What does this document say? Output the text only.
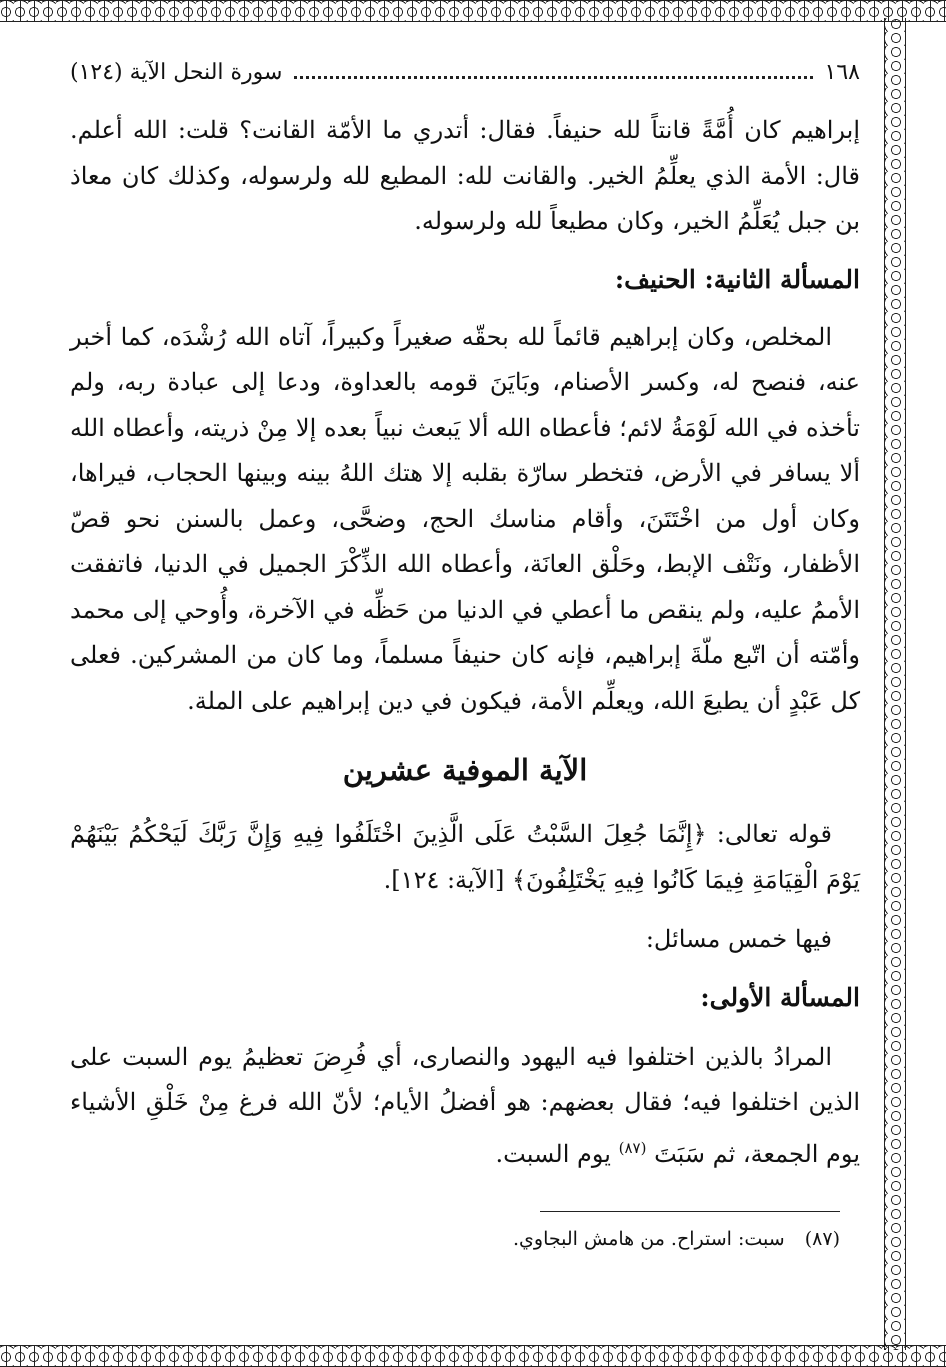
١٦٨
سورة النحل الآية (١٢٤)

إبراهيم كان أُمَّةً قانتاً لله حنيفاً. فقال: أتدري ما الأمّة القانت؟ قلت: الله أعلم. قال: الأمة الذي يعلِّمُ الخير. والقانت لله: المطيع لله ولرسوله، وكذلك كان معاذ بن جبل يُعَلِّمُ الخير، وكان مطيعاً لله ولرسوله.

المسألة الثانية: الحنيف:

المخلص، وكان إبراهيم قائماً لله بحقّه صغيراً وكبيراً، آتاه الله رُشْدَه، كما أخبر عنه، فنصح له، وكسر الأصنام، وبَايَنَ قومه بالعداوة، ودعا إلى عبادة ربه، ولم تأخذه في الله لَوْمَةُ لائم؛ فأعطاه الله ألا يَبعث نبياً بعده إلا مِنْ ذريته، وأعطاه الله ألا يسافر في الأرض، فتخطر سارّة بقلبه إلا هتك اللهُ بينه وبينها الحجاب، فيراها، وكان أول من اخْتَتَنَ، وأقام مناسك الحج، وضحَّى، وعمل بالسنن نحو قصّ الأظفار، ونَتْف الإبط، وحَلْق العانَة، وأعطاه الله الذِّكْرَ الجميل في الدنيا، فاتفقت الأممُ عليه، ولم ينقص ما أعطي في الدنيا من حَظِّه في الآخرة، وأُوحي إلى محمد وأمّته أن اتّبع ملّةَ إبراهيم، فإنه كان حنيفاً مسلماً، وما كان من المشركين. فعلى كل عَبْدٍ أن يطيعَ الله، ويعلِّم الأمة، فيكون في دين إبراهيم على الملة.

الآية الموفية عشرين

قوله تعالى: ﴿إِنَّمَا جُعِلَ السَّبْتُ عَلَى الَّذِينَ اخْتَلَفُوا فِيهِ وَإِنَّ رَبَّكَ لَيَحْكُمُ بَيْنَهُمْ يَوْمَ الْقِيَامَةِ فِيمَا كَانُوا فِيهِ يَخْتَلِفُونَ﴾ [الآية: ١٢٤].

فيها خمس مسائل:

المسألة الأولى:

المرادُ بالذين اختلفوا فيه اليهود والنصارى، أي فُرِضَ تعظيمُ يوم السبت على الذين اختلفوا فيه؛ فقال بعضهم: هو أفضلُ الأيام؛ لأنّ الله فرغ مِنْ خَلْقِ الأشياء يوم الجمعة، ثم سَبَتَ $^{(٨٧)}$ يوم السبت.

(٨٧) سبت: استراح. من هامش البجاوي.
